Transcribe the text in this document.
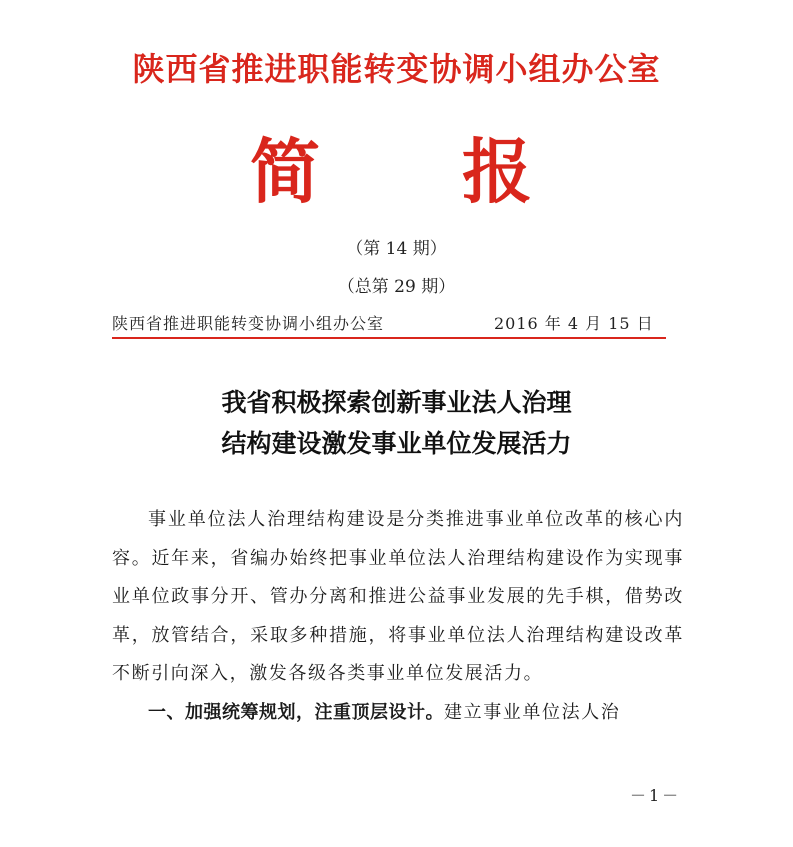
陕西省推进职能转变协调小组办公室
简 报
（第 14 期）
（总第 29 期）
陕西省推进职能转变协调小组办公室	2016 年 4 月 15 日
我省积极探索创新事业法人治理
结构建设激发事业单位发展活力

事业单位法人治理结构建设是分类推进事业单位改革的核心内容。近年来，省编办始终把事业单位法人治理结构建设作为实现事业单位政事分开、管办分离和推进公益事业发展的先手棋，借势改革，放管结合，采取多种措施，将事业单位法人治理结构建设改革不断引向深入，激发各级各类事业单位发展活力。

一、加强统筹规划，注重顶层设计。建立事业单位法人治

－1－
